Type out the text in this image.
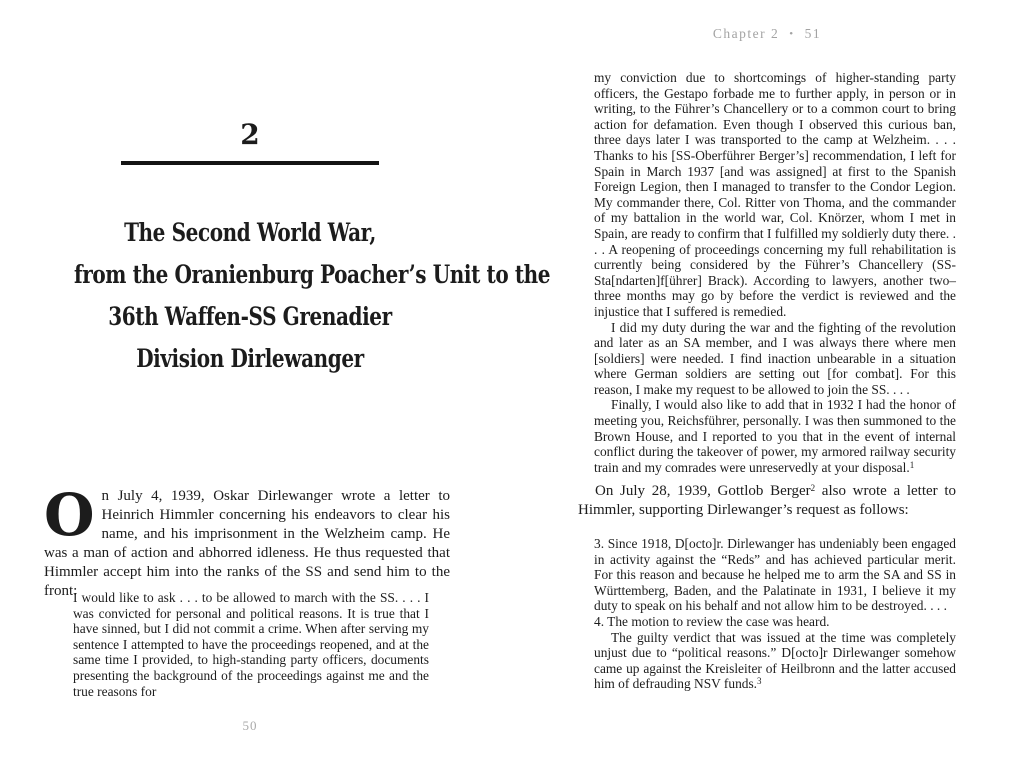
2
The Second World War,
from the Oranienburg Poacher’s Unit to the
36th Waffen-SS Grenadier
Division Dirlewanger

On July 4, 1939, Oskar Dirlewanger wrote a letter to Heinrich Himmler concerning his endeavors to clear his name, and his imprisonment in the Welzheim camp. He was a man of action and abhorred idleness. He thus requested that Himmler accept him into the ranks of the SS and send him to the front:

I would like to ask . . . to be allowed to march with the SS. . . . I was convicted for personal and political reasons. It is true that I have sinned, but I did not commit a crime. When after serving my sentence I attempted to have the proceedings reopened, and at the same time I provided, to high-standing party officers, documents presenting the background of the proceedings against me and the true reasons for

50
Chapter 2 • 51

my conviction due to shortcomings of higher-standing party officers, the Gestapo forbade me to further apply, in person or in writing, to the Führer’s Chancellery or to a common court to bring action for defamation. Even though I observed this curious ban, three days later I was transported to the camp at Welzheim. . . . Thanks to his [SS-Oberführer Berger’s] recommendation, I left for Spain in March 1937 [and was assigned] at first to the Spanish Foreign Legion, then I managed to transfer to the Condor Legion. My commander there, Col. Ritter von Thoma, and the commander of my battalion in the world war, Col. Knörzer, whom I met in Spain, are ready to confirm that I fulfilled my soldierly duty there. . . . A reopening of proceedings concerning my full rehabilitation is currently being considered by the Führer’s Chancellery (SS-Sta[ndarten]f[ührer] Brack). According to lawyers, another two–three months may go by before the verdict is reviewed and the injustice that I suffered is remedied.

I did my duty during the war and the fighting of the revolution and later as an SA member, and I was always there where men [soldiers] were needed. I find inaction unbearable in a situation where German soldiers are setting out [for combat]. For this reason, I make my request to be allowed to join the SS. . . .

Finally, I would also like to add that in 1932 I had the honor of meeting you, Reichsführer, personally. I was then summoned to the Brown House, and I reported to you that in the event of internal conflict during the takeover of power, my armored railway security train and my comrades were unreservedly at your disposal.$^1$

On July 28, 1939, Gottlob Berger$^2$ also wrote a letter to Himmler, supporting Dirlewanger’s request as follows:

3. Since 1918, D[octo]r. Dirlewanger has undeniably been engaged in activity against the “Reds” and has achieved particular merit. For this reason and because he helped me to arm the SA and SS in Württemberg, Baden, and the Palatinate in 1931, I believe it my duty to speak on his behalf and not allow him to be destroyed. . . .

4. The motion to review the case was heard.

The guilty verdict that was issued at the time was completely unjust due to “political reasons.” D[octo]r Dirlewanger somehow came up against the Kreisleiter of Heilbronn and the latter accused him of defrauding NSV funds.$^3$
